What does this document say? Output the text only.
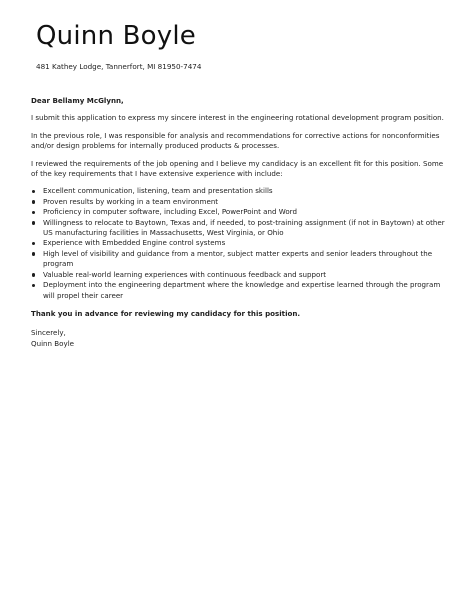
Quinn Boyle
481 Kathey Lodge, Tannerfort, MI 81950-7474

Dear Bellamy McGlynn,

I submit this application to express my sincere interest in the engineering rotational development program position.

In the previous role, I was responsible for analysis and recommendations for corrective actions for nonconformities and/or design problems for internally produced products & processes.

I reviewed the requirements of the job opening and I believe my candidacy is an excellent fit for this position. Some of the key requirements that I have extensive experience with include:

Excellent communication, listening, team and presentation skills
Proven results by working in a team environment
Proficiency in computer software, including Excel, PowerPoint and Word
Willingness to relocate to Baytown, Texas and, if needed, to post-training assignment (if not in Baytown) at other US manufacturing facilities in Massachusetts, West Virginia, or Ohio
Experience with Embedded Engine control systems
High level of visibility and guidance from a mentor, subject matter experts and senior leaders throughout the program
Valuable real-world learning experiences with continuous feedback and support
Deployment into the engineering department where the knowledge and expertise learned through the program will propel their career

Thank you in advance for reviewing my candidacy for this position.

Sincerely,

Quinn Boyle
